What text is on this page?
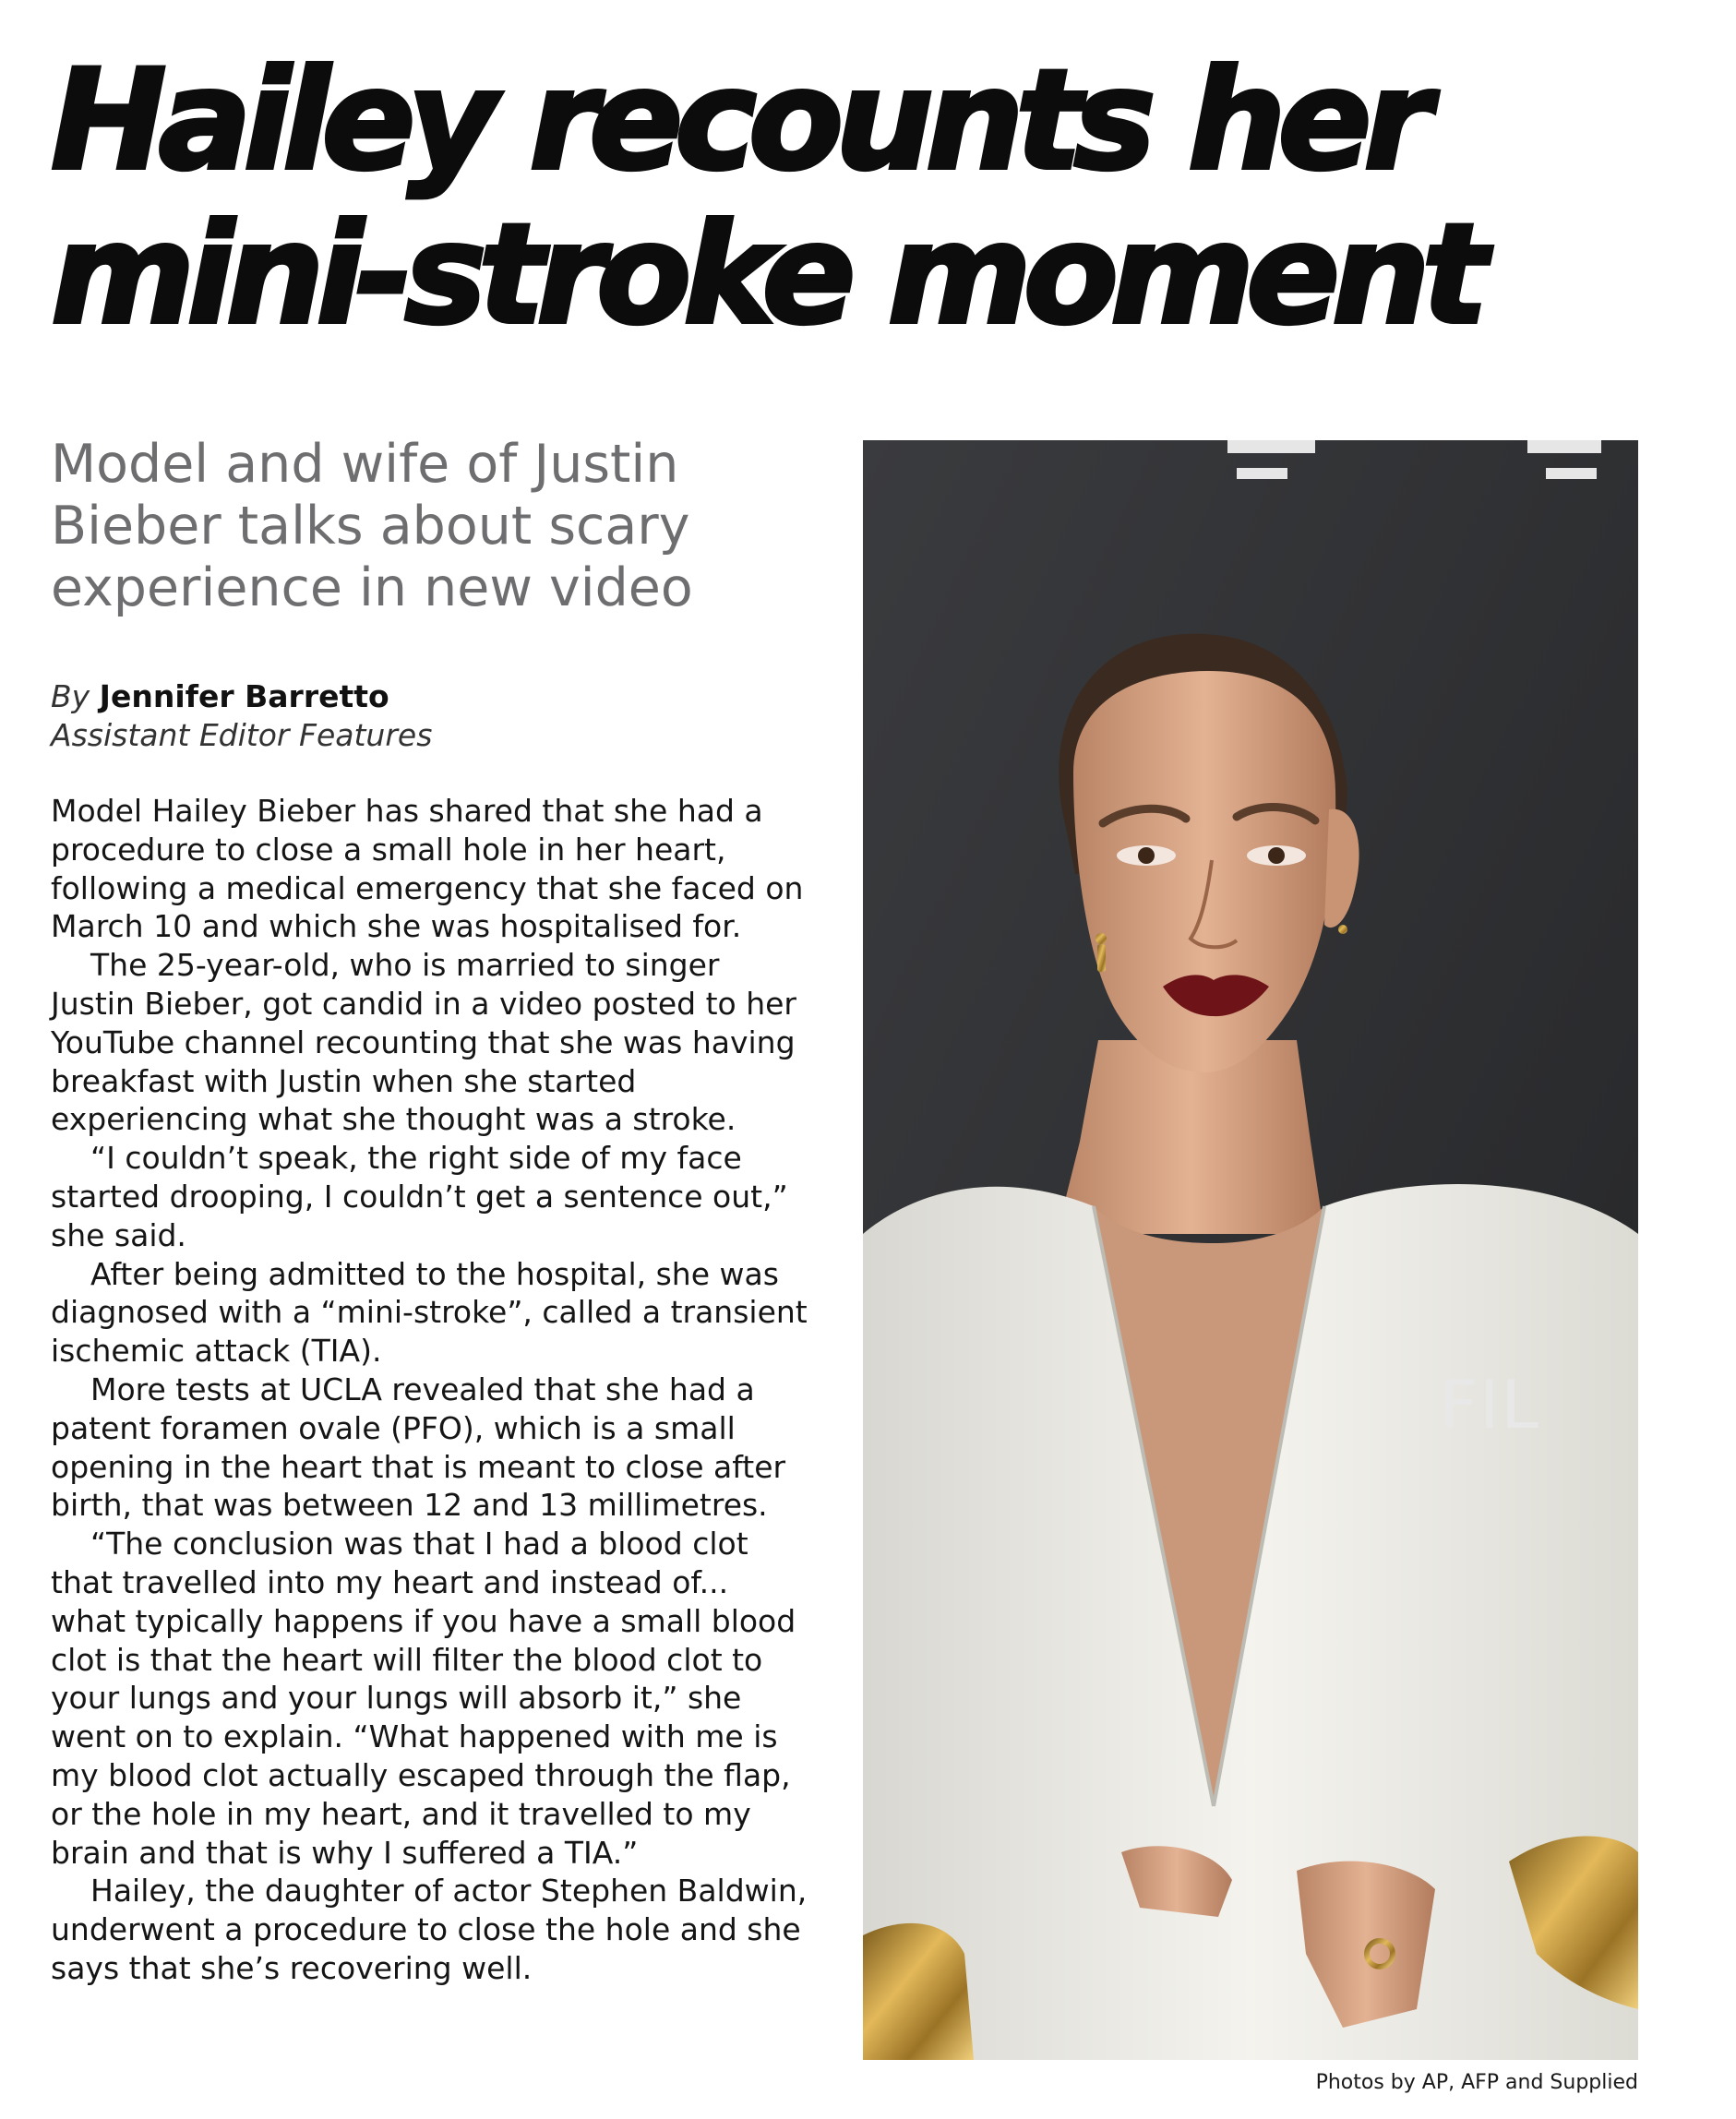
Hailey recounts her
mini-stroke moment
Model and wife of Justin Bieber talks about scary experience in new video
By Jennifer Barretto
Assistant Editor Features

Model Hailey Bieber has shared that she had a procedure to close a small hole in her heart, following a medical emergency that she faced on March 10 and which she was hospitalised for.

The 25-year-old, who is married to singer Justin Bieber, got candid in a video posted to her YouTube channel recounting that she was having breakfast with Justin when she started experiencing what she thought was a stroke.

“I couldn’t speak, the right side of my face started drooping, I couldn’t get a sentence out,” she said.

After being admitted to the hospital, she was diagnosed with a “mini-stroke”, called a transient ischemic attack (TIA).

More tests at UCLA revealed that she had a patent foramen ovale (PFO), which is a small opening in the heart that is meant to close after birth, that was between 12 and 13 millimetres.

“The conclusion was that I had a blood clot that travelled into my heart and instead of... what typically happens if you have a small blood clot is that the heart will filter the blood clot to your lungs and your lungs will absorb it,” she went on to explain. “What happened with me is my blood clot actually escaped through the flap, or the hole in my heart, and it travelled to my brain and that is why I suffered a TIA.”

Hailey, the daughter of actor Stephen Baldwin, underwent a procedure to close the hole and she says that she’s recovering well.

FIL
Photos by AP, AFP and Supplied
